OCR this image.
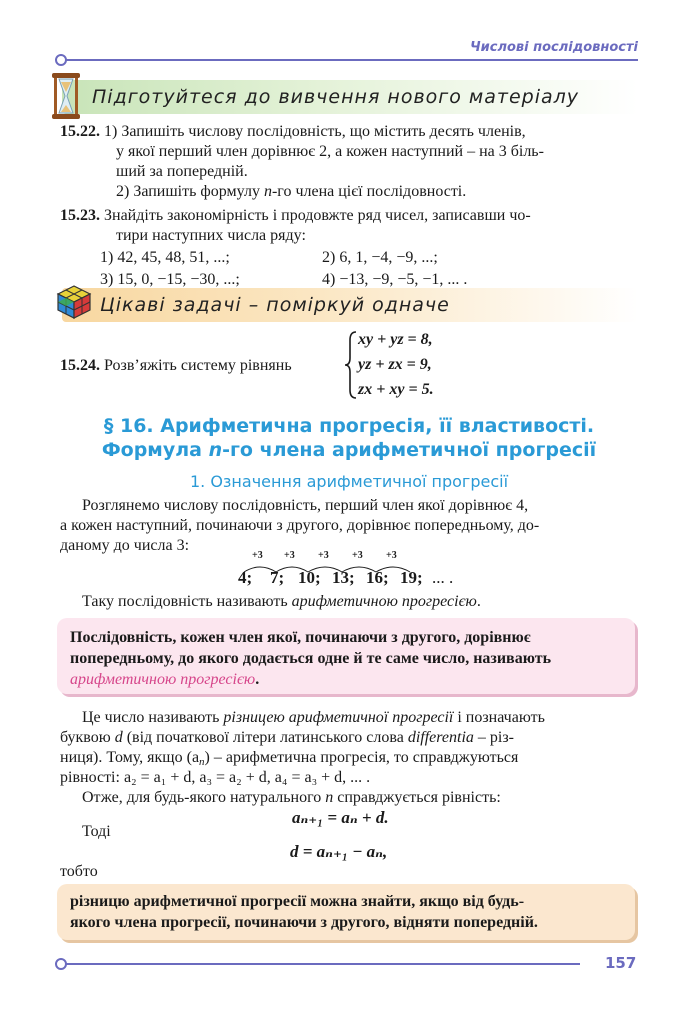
Числові послідовності
Підготуйтеся до вивчення нового матеріалу
15.22. 1) Запишіть числову послідовність, що містить десять членів,
у якої перший член дорівнює 2, а кожен наступний – на 3 біль-
ший за попередній.
2) Запишіть формулу n-го члена цієї послідовності.
15.23. Знайдіть закономірність і продовжте ряд чисел, записавши чо-
тири наступних числа ряду:
1) 42, 45, 48, 51, ...;	2) 6, 1, −4, −9, ...;
3) 15, 0, −15, −30, ...;	4) −13, −9, −5, −1, ... .
Цікаві задачі – поміркуй одначе
15.24. Розв’яжіть систему рівнянь
xy + yz = 8,
yz + zx = 9,
zx + xy = 5.
§ 16. Арифметична прогресія, її властивості.
Формула n-го члена арифметичної прогресії
1. Означення арифметичної прогресії
Розглянемо числову послідовність, перший член якої дорівнює 4,
а кожен наступний, починаючи з другого, дорівнює попередньому, до-
даному до числа 3:
+3 +3 +3 +3 +3
4; 7; 10; 13; 16; 19; ... .
Таку послідовність називають арифметичною прогресією.
Послідовність, кожен член якої, починаючи з другого, дорівнює
попередньому, до якого додається одне й те саме число, називають
арифметичною прогресією.
Це число називають різницею арифметичної прогресії і позначають
буквою d (від початкової літери латинського слова differentia – різ-
ниця). Тому, якщо $(a_n)$ – арифметична прогресія, то справджуються
рівності: a₂ = a₁ + d, a₃ = a₂ + d, a₄ = a₃ + d, ... .
Отже, для будь-якого натурального n справджується рівність:
aₙ₊₁ = aₙ + d.
Тоді
d = aₙ₊₁ − aₙ,
тобто
різницю арифметичної прогресії можна знайти, якщо від будь-
якого члена прогресії, починаючи з другого, відняти попередній.
157
